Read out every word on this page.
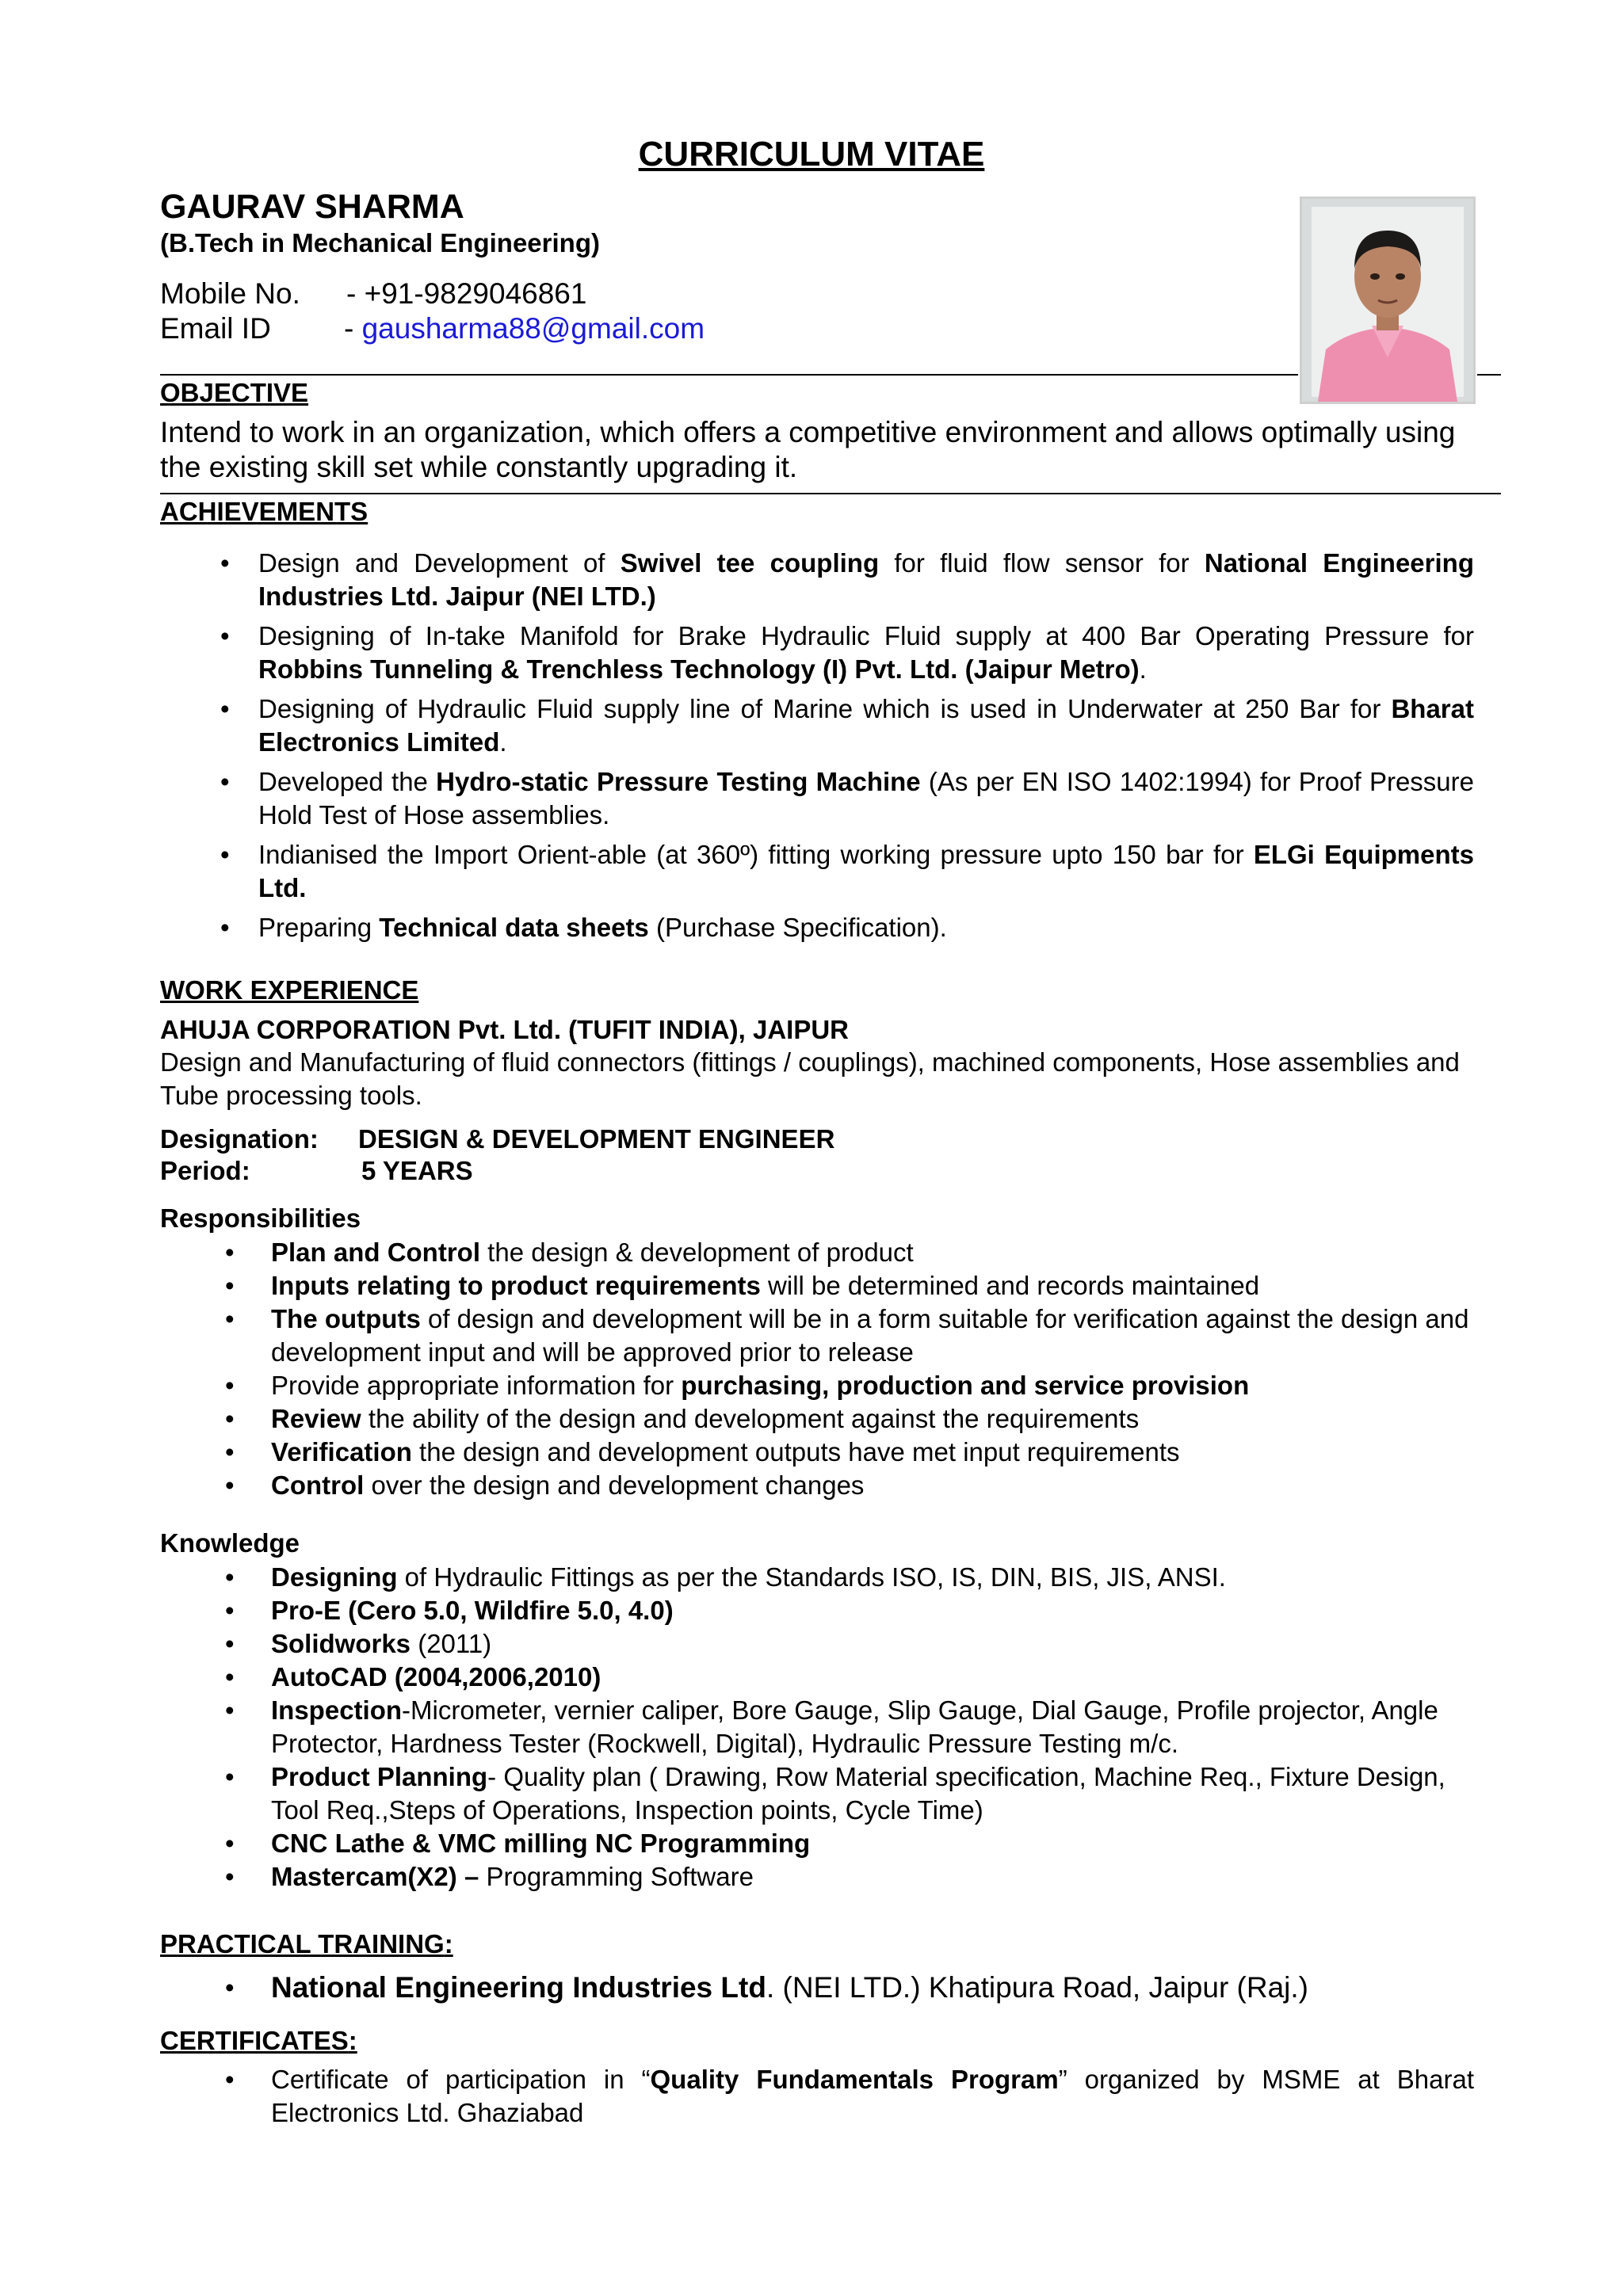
CURRICULUM VITAE
GAURAV SHARMA
(B.Tech in Mechanical Engineering)
Mobile No. - +91-9829046861
Email ID - gausharma88@gmail.com
OBJECTIVE
Intend to work in an organization, which offers a competitive environment and allows optimally using the existing skill set while constantly upgrading it.
ACHIEVEMENTS
• Design and Development of Swivel tee coupling for fluid flow sensor for National Engineering Industries Ltd. Jaipur (NEI LTD.)
• Designing of In-take Manifold for Brake Hydraulic Fluid supply at 400 Bar Operating Pressure for Robbins Tunneling & Trenchless Technology (I) Pvt. Ltd. (Jaipur Metro).
• Designing of Hydraulic Fluid supply line of Marine which is used in Underwater at 250 Bar for Bharat Electronics Limited.
• Developed the Hydro-static Pressure Testing Machine (As per EN ISO 1402:1994) for Proof Pressure Hold Test of Hose assemblies.
• Indianised the Import Orient-able (at 360º) fitting working pressure upto 150 bar for ELGi Equipments Ltd.
• Preparing Technical data sheets (Purchase Specification).
WORK EXPERIENCE
AHUJA CORPORATION Pvt. Ltd. (TUFIT INDIA), JAIPUR
Design and Manufacturing of fluid connectors (fittings / couplings), machined components, Hose assemblies and Tube processing tools.
Designation: DESIGN & DEVELOPMENT ENGINEER
Period:	5 YEARS
Responsibilities
• Plan and Control the design & development of product
• Inputs relating to product requirements will be determined and records maintained
• The outputs of design and development will be in a form suitable for verification against the design and development input and will be approved prior to release
• Provide appropriate information for purchasing, production and service provision
• Review the ability of the design and development against the requirements
• Verification the design and development outputs have met input requirements
• Control over the design and development changes
Knowledge
• Designing of Hydraulic Fittings as per the Standards ISO, IS, DIN, BIS, JIS, ANSI.
• Pro-E (Cero 5.0, Wildfire 5.0, 4.0)
• Solidworks (2011)
• AutoCAD (2004,2006,2010)
• Inspection-Micrometer, vernier caliper, Bore Gauge, Slip Gauge, Dial Gauge, Profile projector, Angle Protector, Hardness Tester (Rockwell, Digital), Hydraulic Pressure Testing m/c.
• Product Planning- Quality plan ( Drawing, Row Material specification, Machine Req., Fixture Design, Tool Req.,Steps of Operations, Inspection points, Cycle Time)
• CNC Lathe & VMC milling NC Programming
• Mastercam(X2) – Programming Software
PRACTICAL TRAINING:
• National Engineering Industries Ltd. (NEI LTD.) Khatipura Road, Jaipur (Raj.)
CERTIFICATES:
• Certificate of participation in “Quality Fundamentals Program” organized by MSME at Bharat Electronics Ltd. Ghaziabad
